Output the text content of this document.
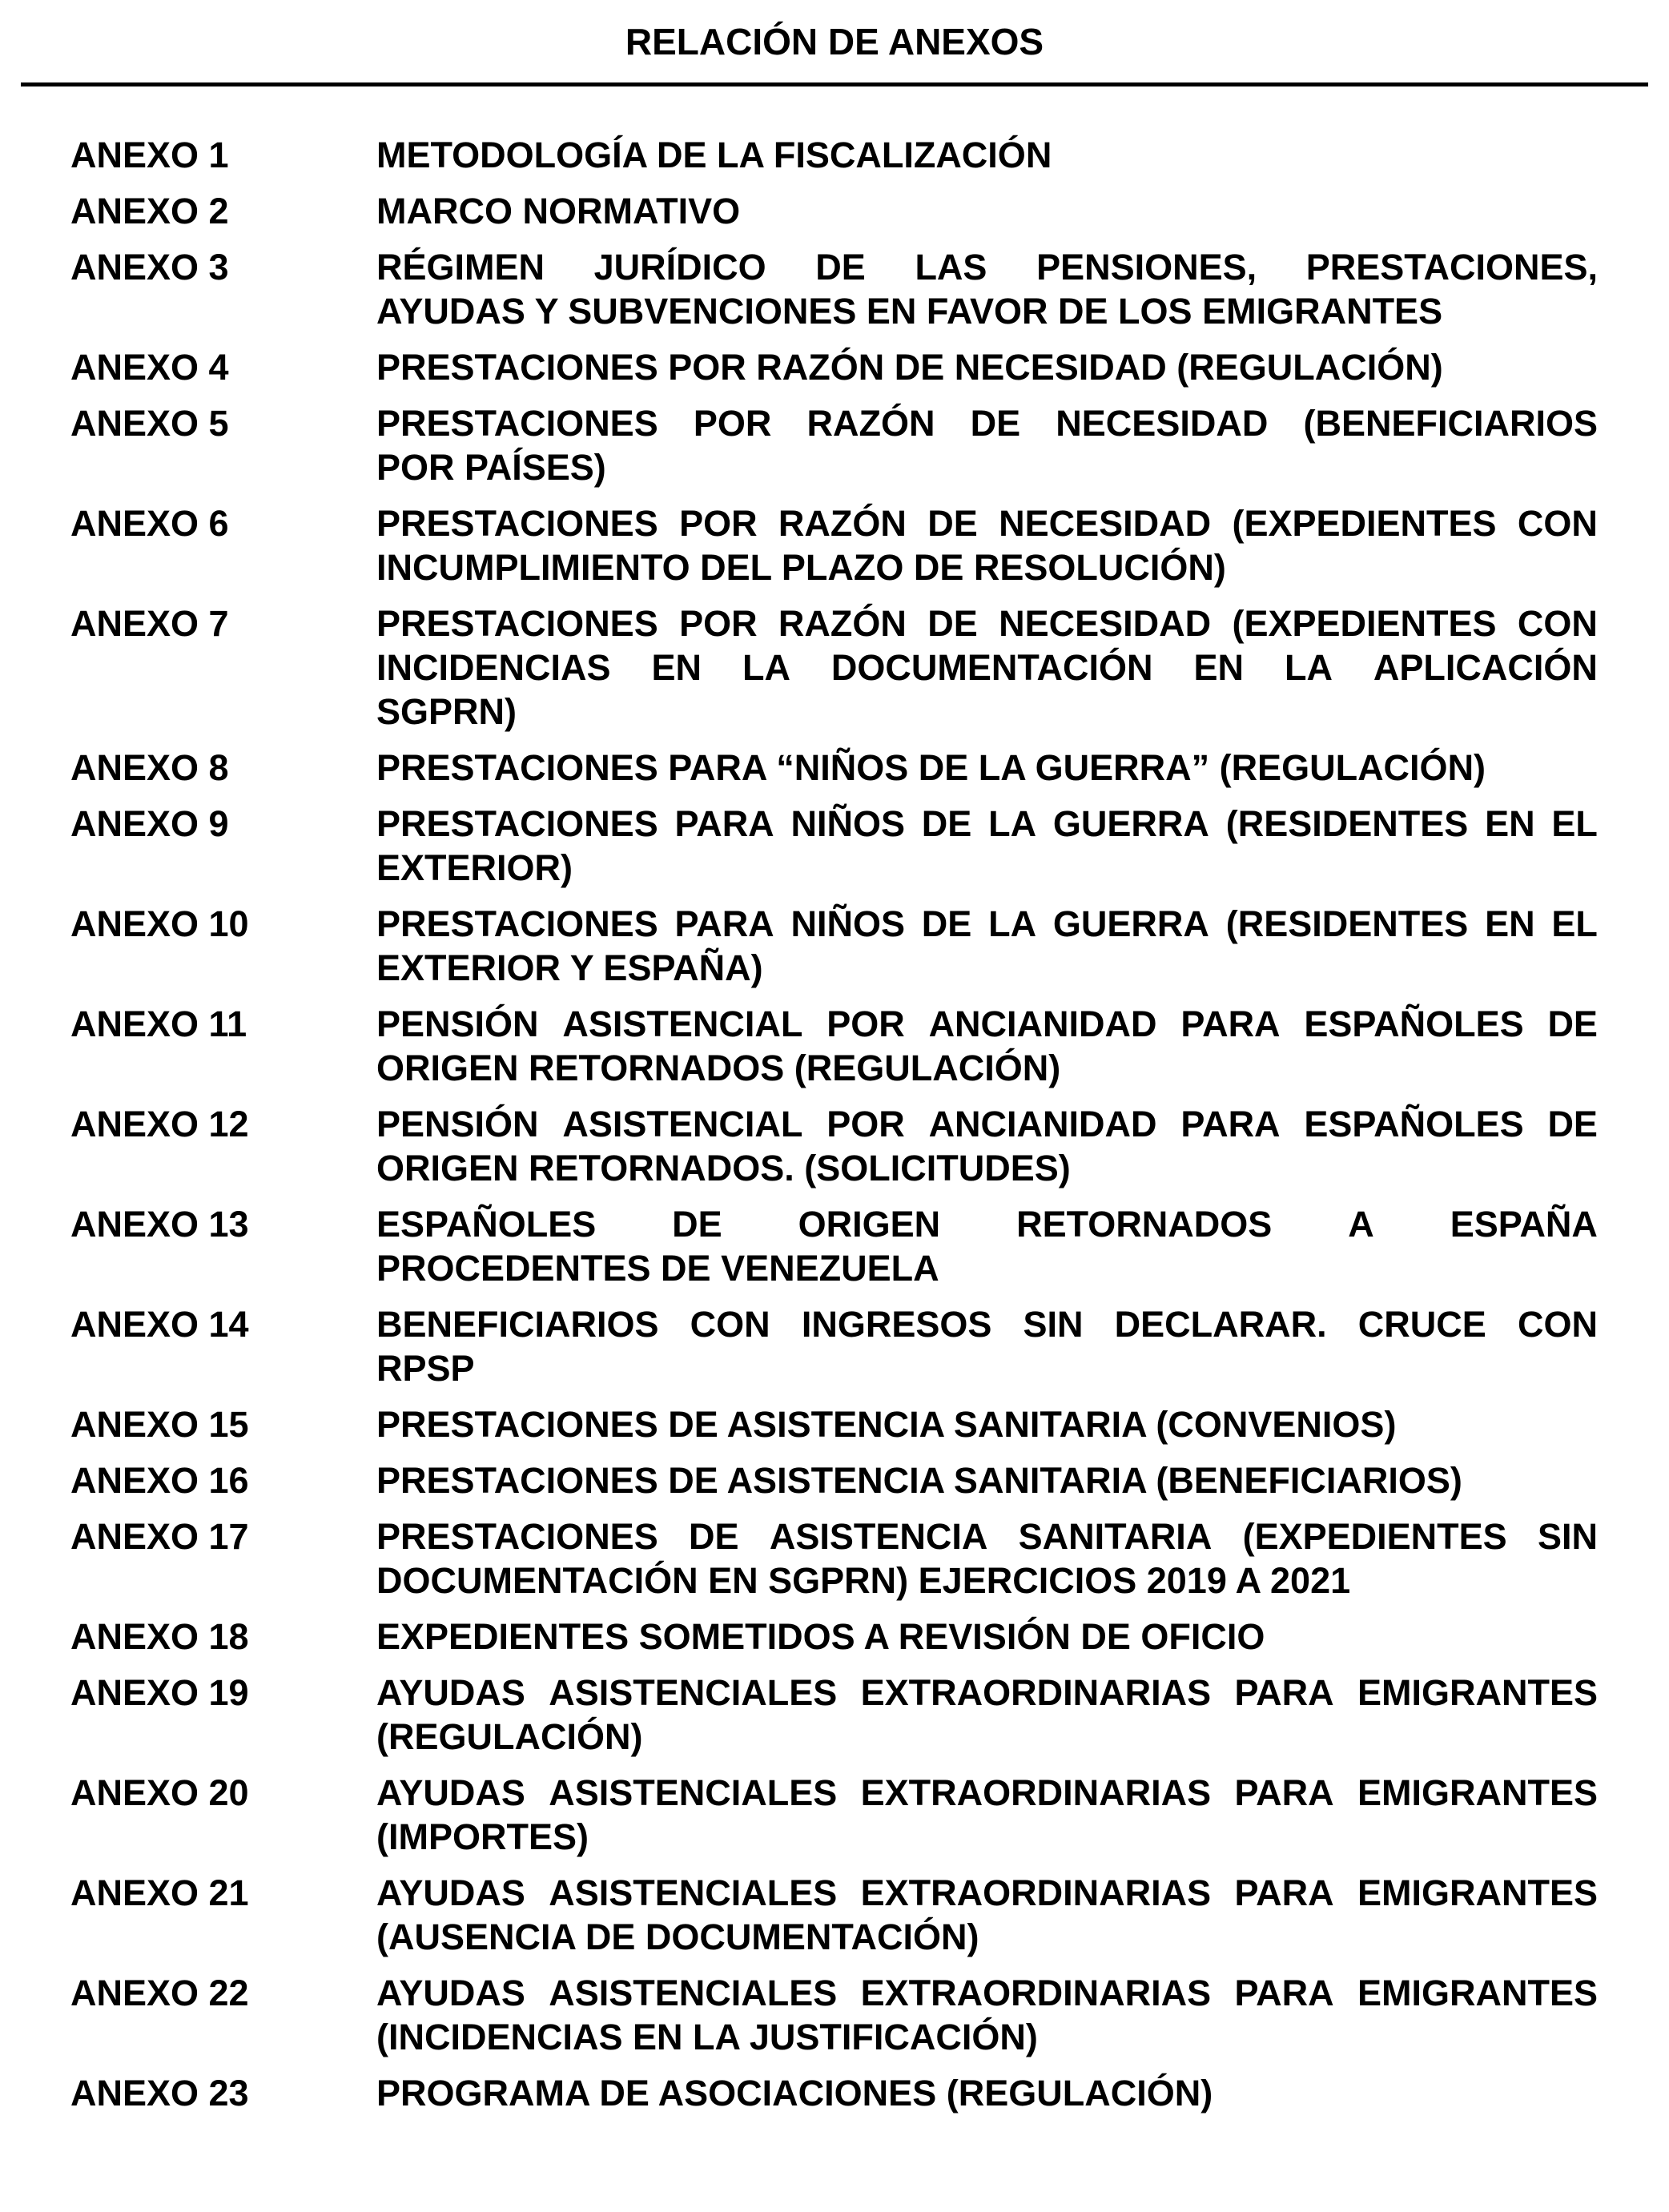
RELACIÓN DE ANEXOS
ANEXO 1	METODOLOGÍA DE LA FISCALIZACIÓN
ANEXO 2	MARCO NORMATIVO
ANEXO 3	RÉGIMEN JURÍDICO DE LAS PENSIONES, PRESTACIONES,
AYUDAS Y SUBVENCIONES EN FAVOR DE LOS EMIGRANTES
ANEXO 4	PRESTACIONES POR RAZÓN DE NECESIDAD (REGULACIÓN)
ANEXO 5	PRESTACIONES POR RAZÓN DE NECESIDAD (BENEFICIARIOS
POR PAÍSES)
ANEXO 6	PRESTACIONES POR RAZÓN DE NECESIDAD (EXPEDIENTES CON
INCUMPLIMIENTO DEL PLAZO DE RESOLUCIÓN)
ANEXO 7	PRESTACIONES POR RAZÓN DE NECESIDAD (EXPEDIENTES CON
INCIDENCIAS EN LA DOCUMENTACIÓN EN LA APLICACIÓN
SGPRN)
ANEXO 8	PRESTACIONES PARA “NIÑOS DE LA GUERRA” (REGULACIÓN)
ANEXO 9	PRESTACIONES PARA NIÑOS DE LA GUERRA (RESIDENTES EN EL
EXTERIOR)
ANEXO 10	PRESTACIONES PARA NIÑOS DE LA GUERRA (RESIDENTES EN EL
EXTERIOR Y ESPAÑA)
ANEXO 11	PENSIÓN ASISTENCIAL POR ANCIANIDAD PARA ESPAÑOLES DE
ORIGEN RETORNADOS (REGULACIÓN)
ANEXO 12	PENSIÓN ASISTENCIAL POR ANCIANIDAD PARA ESPAÑOLES DE
ORIGEN RETORNADOS. (SOLICITUDES)
ANEXO 13	ESPAÑOLES DE ORIGEN RETORNADOS A ESPAÑA
PROCEDENTES DE VENEZUELA
ANEXO 14	BENEFICIARIOS CON INGRESOS SIN DECLARAR. CRUCE CON
RPSP
ANEXO 15	PRESTACIONES DE ASISTENCIA SANITARIA (CONVENIOS)
ANEXO 16	PRESTACIONES DE ASISTENCIA SANITARIA (BENEFICIARIOS)
ANEXO 17	PRESTACIONES DE ASISTENCIA SANITARIA (EXPEDIENTES SIN
DOCUMENTACIÓN EN SGPRN) EJERCICIOS 2019 A 2021
ANEXO 18	EXPEDIENTES SOMETIDOS A REVISIÓN DE OFICIO
ANEXO 19	AYUDAS ASISTENCIALES EXTRAORDINARIAS PARA EMIGRANTES
(REGULACIÓN)
ANEXO 20	AYUDAS ASISTENCIALES EXTRAORDINARIAS PARA EMIGRANTES
(IMPORTES)
ANEXO 21	AYUDAS ASISTENCIALES EXTRAORDINARIAS PARA EMIGRANTES
(AUSENCIA DE DOCUMENTACIÓN)
ANEXO 22	AYUDAS ASISTENCIALES EXTRAORDINARIAS PARA EMIGRANTES
(INCIDENCIAS EN LA JUSTIFICACIÓN)
ANEXO 23	PROGRAMA DE ASOCIACIONES (REGULACIÓN)
